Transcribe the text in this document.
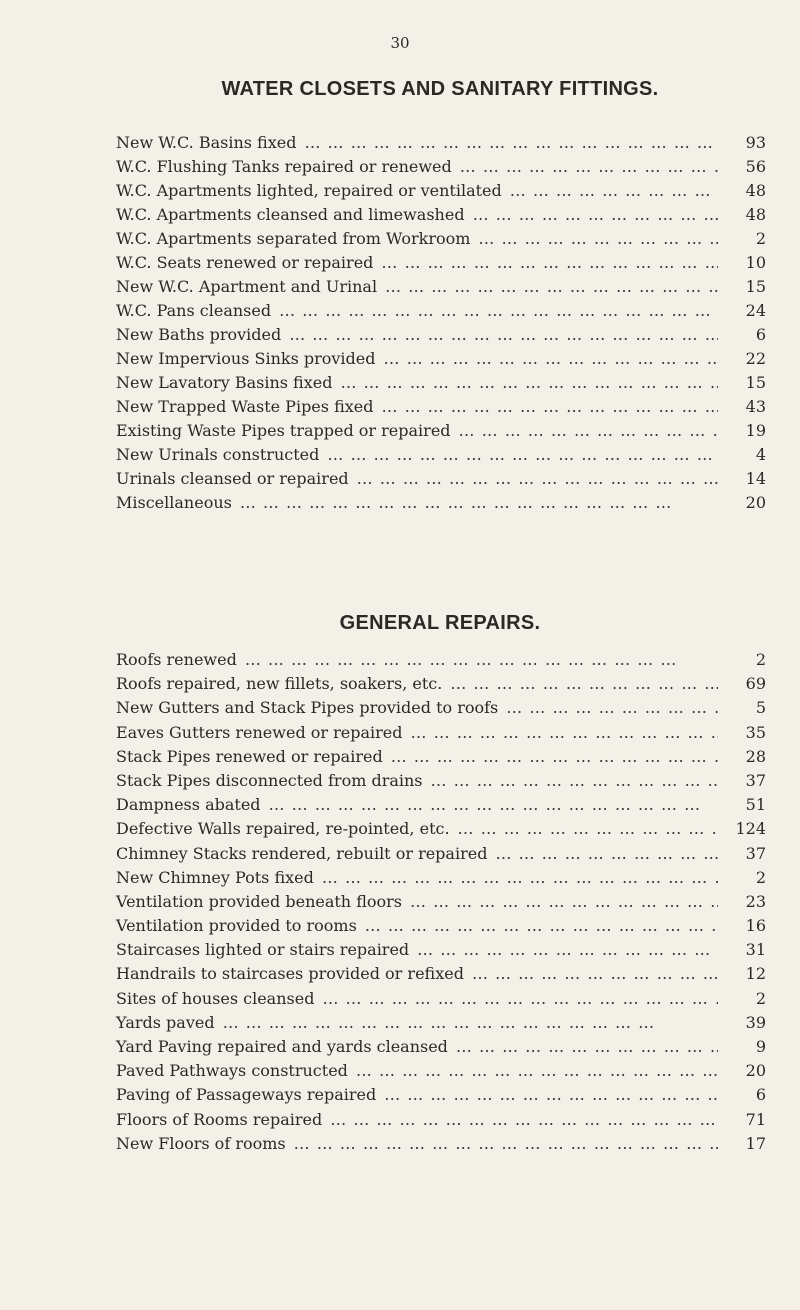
30
WATER CLOSETS AND SANITARY FITTINGS.
New W.C. Basins fixed … … … … … … … … … … … … … … … … … … …	93
W.C. Flushing Tanks repaired or renewed … … … … … … … … … … … … … … … … … … …	56
W.C. Apartments lighted, repaired or ventilated … … … … … … … … … … … … … … … … … … …	48
W.C. Apartments cleansed and limewashed … … … … … … … … … … … … … … … … … … …	48
W.C. Apartments separated from Workroom … … … … … … … … … … … … … … … … … … …	2
W.C. Seats renewed or repaired … … … … … … … … … … … … … … … … … … …	10
New W.C. Apartment and Urinal … … … … … … … … … … … … … … … … … … …	15
W.C. Pans cleansed … … … … … … … … … … … … … … … … … … …	24
New Baths provided … … … … … … … … … … … … … … … … … … …	6
New Impervious Sinks provided … … … … … … … … … … … … … … … … … … …	22
New Lavatory Basins fixed … … … … … … … … … … … … … … … … … … …	15
New Trapped Waste Pipes fixed … … … … … … … … … … … … … … … … … … …	43
Existing Waste Pipes trapped or repaired … … … … … … … … … … … … … … … … … … …	19
New Urinals constructed … … … … … … … … … … … … … … … … … … …	4
Urinals cleansed or repaired … … … … … … … … … … … … … … … … … … …	14
Miscellaneous … … … … … … … … … … … … … … … … … … …	20
GENERAL REPAIRS.
Roofs renewed … … … … … … … … … … … … … … … … … … …	2
Roofs repaired, new fillets, soakers, etc. … … … … … … … … … … … … … … … … … … …	69
New Gutters and Stack Pipes provided to roofs … … … … … … … … … … … … … … … … … … …	5
Eaves Gutters renewed or repaired … … … … … … … … … … … … … … … … … … …	35
Stack Pipes renewed or repaired … … … … … … … … … … … … … … … … … … …	28
Stack Pipes disconnected from drains … … … … … … … … … … … … … … … … … … …	37
Dampness abated … … … … … … … … … … … … … … … … … … …	51
Defective Walls repaired, re-pointed, etc. … … … … … … … … … … … … … … … … … … …	124
Chimney Stacks rendered, rebuilt or repaired … … … … … … … … … … … … … … … … … … …	37
New Chimney Pots fixed … … … … … … … … … … … … … … … … … … …	2
Ventilation provided beneath floors … … … … … … … … … … … … … … … … … … …	23
Ventilation provided to rooms … … … … … … … … … … … … … … … … … … …	16
Staircases lighted or stairs repaired … … … … … … … … … … … … … … … … … … …	31
Handrails to staircases provided or refixed … … … … … … … … … … … … … … … … … … …	12
Sites of houses cleansed … … … … … … … … … … … … … … … … … … …	2
Yards paved … … … … … … … … … … … … … … … … … … …	39
Yard Paving repaired and yards cleansed … … … … … … … … … … … … … … … … … … …	9
Paved Pathways constructed … … … … … … … … … … … … … … … … … … …	20
Paving of Passageways repaired … … … … … … … … … … … … … … … … … … …	6
Floors of Rooms repaired … … … … … … … … … … … … … … … … … … …	71
New Floors of rooms … … … … … … … … … … … … … … … … … … …	17
